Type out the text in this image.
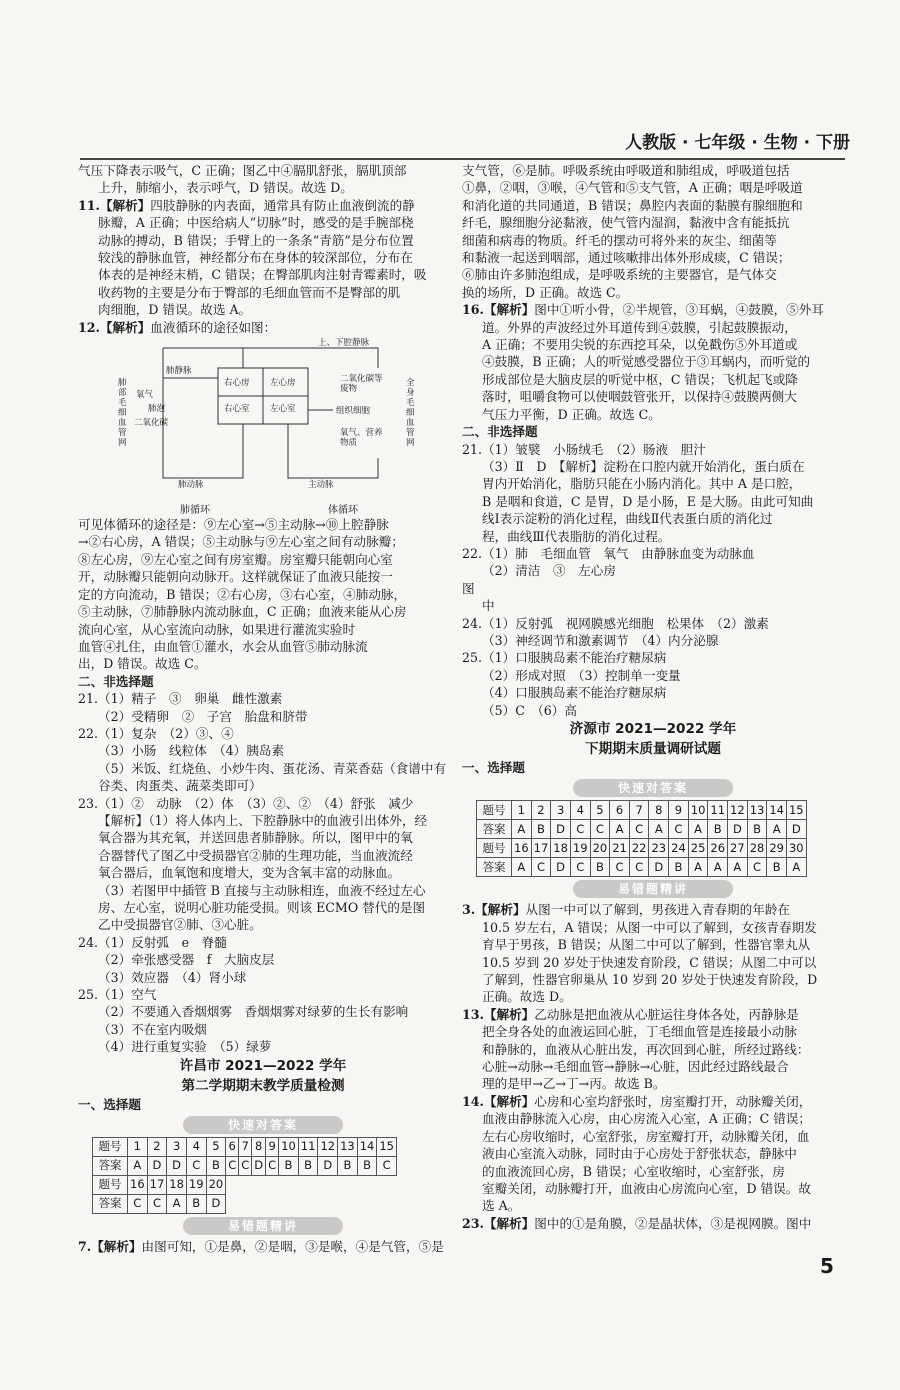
人教版 · 七年级 · 生物 · 下册

气压下降表示吸气，C 正确；图乙中④膈肌舒张，膈肌顶部

上升，肺缩小，表示呼气，D 错误。故选 D。

11.【解析】四肢静脉的内表面，通常具有防止血液倒流的静

脉瓣，A 正确；中医给病人“切脉”时，感受的是手腕部桡

动脉的搏动，B 错误；手臂上的一条条“青筋”是分布位置

较浅的静脉血管，神经都分布在身体的较深部位，分布在

体表的是神经末梢，C 错误；在臀部肌肉注射青霉素时，吸

收药物的主要是分布于臀部的毛细血管而不是臀部的肌

肉细胞，D 错误。故选 A。

12.【解析】血液循环的途径如图：

上、下腔静脉
肺静脉
肺动脉	主动脉
右心房 左心房
右心室 左心室
肺部毛细血管网
氧气
肺泡
二氧化碳
全身毛细血管网
二氧化碳等废物
组织细胞
氧气、营养物质
肺循环	体循环

可见体循环的途径是：⑨左心室→⑤主动脉→⑩上腔静脉

→②右心房，A 错误；⑤主动脉与⑨左心室之间有动脉瓣；

⑧左心房，⑨左心室之间有房室瓣。房室瓣只能朝向心室

开，动脉瓣只能朝向动脉开。这样就保证了血液只能按一

定的方向流动，B 错误；②右心房，③右心室，④肺动脉，

⑤主动脉，⑦肺静脉内流动脉血，C 正确；血液来能从心房

流向心室，从心室流向动脉，如果进行灌流实验时

血管④扎住，由血管①灌水，水会从血管⑤肺动脉流

出，D 错误。故选 C。

二、非选择题

21.（1）精子　③　卵巢　雌性激素

（2）受精卵　②　子宫　胎盘和脐带

22.（1）复杂　（2）③、④

（3）小肠　线粒体　（4）胰岛素

（5）米饭、红烧鱼、小炒牛肉、蛋花汤、青菜香菇（食谱中有

谷类、肉蛋类、蔬菜类即可）

23.（1）②　动脉　（2）体　（3）②、②　（4）舒张　减少

【解析】（1）将人体内上、下腔静脉中的血液引出体外，经

氧合器为其充氧，并送回患者肺静脉。所以，图甲中的氧

合器替代了图乙中受损器官②肺的生理功能，当血液流经

氧合器后，血氧饱和度增大，变为含氧丰富的动脉血。

（3）若图甲中插管 B 直接与主动脉相连，血液不经过左心

房、左心室，说明心脏功能受损。则该 ECMO 替代的是图

乙中受损器官②肺、③心脏。

24.（1）反射弧　e　脊髓

（2）牵张感受器　f　大脑皮层

（3）效应器　（4）肾小球

25.（1）空气

（2）不要通入香烟烟雾　香烟烟雾对绿萝的生长有影响

（3）不在室内吸烟

（4）进行重复实验　（5）绿萝

许昌市 2021—2022 学年
第二学期期末教学质量检测

一、选择题

快速对答案
题号	1	2	3	4	5	6	7	8	9	10	11	12	13	14	15
答案	A	D	D	C	B	C	C	D	C	B	B	D	B	B	C
题号	16	17	18	19	20										
答案	C	C	A	B	D										
易错题精讲

7.【解析】由图可知，①是鼻，②是咽，③是喉，④是气管，⑤是

支气管，⑥是肺。呼吸系统由呼吸道和肺组成，呼吸道包括

①鼻，②咽，③喉，④气管和⑤支气管，A 正确；咽是呼吸道

和消化道的共同通道，B 错误；鼻腔内表面的黏膜有腺细胞和

纤毛，腺细胞分泌黏液，使气管内湿润，黏液中含有能抵抗

细菌和病毒的物质。纤毛的摆动可将外来的灰尘、细菌等

和黏液一起送到咽部，通过咳嗽排出体外形成痰，C 错误；

⑥肺由许多肺泡组成，是呼吸系统的主要器官，是气体交

换的场所，D 正确。故选 C。

16.【解析】图中①听小骨，②半规管，③耳蜗，④鼓膜，⑤外耳

道。外界的声波经过外耳道传到④鼓膜，引起鼓膜振动，

A 正确；不要用尖锐的东西挖耳朵，以免戳伤⑤外耳道或

④鼓膜，B 正确；人的听觉感受器位于③耳蜗内，而听觉的

形成部位是大脑皮层的听觉中枢，C 错误；飞机起飞或降

落时，咀嚼食物可以使咽鼓管张开，以保持④鼓膜两侧大

气压力平衡，D 正确。故选 C。

二、非选择题

21.（1）皱襞　小肠绒毛　（2）肠液　胆汁

（3）Ⅱ　D　【解析】淀粉在口腔内就开始消化，蛋白质在

胃内开始消化，脂肪只能在小肠内消化。其中 A 是口腔，

B 是咽和食道，C 是胃，D 是小肠，E 是大肠。由此可知曲

线Ⅰ表示淀粉的消化过程，曲线Ⅱ代表蛋白质的消化过

程，曲线Ⅲ代表脂肪的消化过程。

22.（1）肺　毛细血管　氧气　由静脉血变为动脉血

（2）清洁　③　左心房

图

中

24.（1）反射弧　视网膜感光细胞　松果体　（2）激素

（3）神经调节和激素调节　（4）内分泌腺

25.（1）口服胰岛素不能治疗糖尿病

（2）形成对照　（3）控制单一变量

（4）口服胰岛素不能治疗糖尿病

（5）C　（6）高

济源市 2021—2022 学年
下期期末质量调研试题

一、选择题

快速对答案
题号	1	2	3	4	5	6	7	8	9	10	11	12	13	14	15
答案	A	B	D	C	C	A	C	A	C	A	B	D	B	A	D
题号	16	17	18	19	20	21	22	23	24	25	26	27	28	29	30
答案	A	C	D	C	B	C	C	D	B	A	A	A	C	B	A
易错题精讲

3.【解析】从图一中可以了解到，男孩进入青春期的年龄在

10.5 岁左右，A 错误；从图一中可以了解到，女孩青春期发

育早于男孩，B 错误；从图二中可以了解到，性器官睾丸从

10.5 岁到 20 岁处于快速发育阶段，C 错误；从图二中可以

了解到，性器官卵巢从 10 岁到 20 岁处于快速发育阶段，D

正确。故选 D。

13.【解析】乙动脉是把血液从心脏运往身体各处，丙静脉是

把全身各处的血液运回心脏，丁毛细血管是连接最小动脉

和静脉的，血液从心脏出发，再次回到心脏，所经过路线：

心脏→动脉→毛细血管→静脉→心脏，因此经过路线最合

理的是甲→乙→丁→丙。故选 B。

14.【解析】心房和心室均舒张时，房室瓣打开，动脉瓣关闭，

血液由静脉流入心房，由心房流入心室，A 正确；C 错误；

左右心房收缩时，心室舒张，房室瓣打开，动脉瓣关闭，血

液由心室流入动脉，同时由于心房处于舒张状态，静脉中

的血液流回心房，B 错误；心室收缩时，心室舒张，房

室瓣关闭，动脉瓣打开，血液由心房流向心室，D 错误。故

选 A。

23.【解析】图中的①是角膜，②是晶状体，③是视网膜。图中

5
